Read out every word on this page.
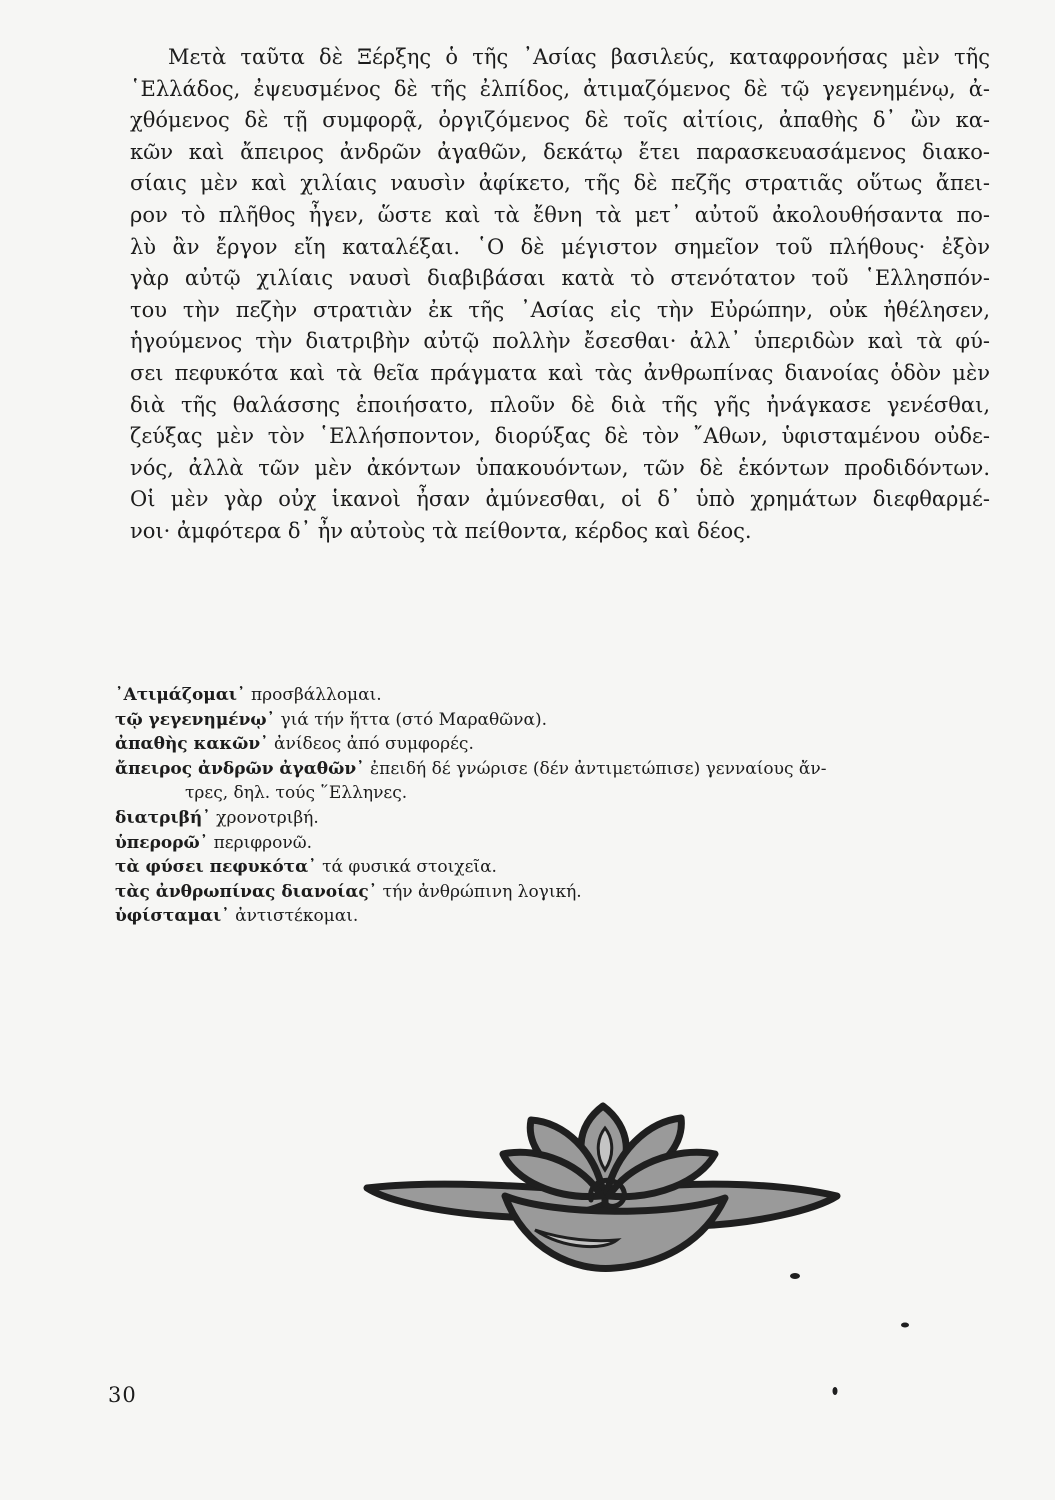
Μετὰ ταῦτα δὲ Ξέρξης ὁ τῆς ᾿Ασίας βασιλεύς, καταφρονήσας μὲν τῆς
῾Ελλάδος, ἐψευσμένος δὲ τῆς ἐλπίδος, ἀτιμαζόμενος δὲ τῷ γεγενημένῳ, ἀ-
χθόμενος δὲ τῇ συμφορᾷ, ὀργιζόμενος δὲ τοῖς αἰτίοις, ἀπαθὴς δ᾿ ὢν κα-
κῶν καὶ ἄπειρος ἀνδρῶν ἀγαθῶν, δεκάτῳ ἔτει παρασκευασάμενος διακο-
σίαις μὲν καὶ χιλίαις ναυσὶν ἀφίκετο, τῆς δὲ πεζῆς στρατιᾶς οὕτως ἄπει-
ρον τὸ πλῆθος ἦγεν, ὥστε καὶ τὰ ἔθνη τὰ μετ᾿ αὐτοῦ ἀκολουθήσαντα πο-
λὺ ἂν ἔργον εἴη καταλέξαι. ῾Ο δὲ μέγιστον σημεῖον τοῦ πλήθους· ἐξὸν
γὰρ αὐτῷ χιλίαις ναυσὶ διαβιβάσαι κατὰ τὸ στενότατον τοῦ ῾Ελλησπόν-
του τὴν πεζὴν στρατιὰν ἐκ τῆς ᾿Ασίας εἰς τὴν Εὐρώπην, οὐκ ἠθέλησεν,
ἡγούμενος τὴν διατριβὴν αὐτῷ πολλὴν ἔσεσθαι· ἀλλ᾿ ὑπεριδὼν καὶ τὰ φύ-
σει πεφυκότα καὶ τὰ θεῖα πράγματα καὶ τὰς ἀνθρωπίνας διανοίας ὁδὸν μὲν
διὰ τῆς θαλάσσης ἐποιήσατο, πλοῦν δὲ διὰ τῆς γῆς ἠνάγκασε γενέσθαι,
ζεύξας μὲν τὸν ῾Ελλήσποντον, διορύξας δὲ τὸν ῎Αθων, ὑφισταμένου οὐδε-
νός, ἀλλὰ τῶν μὲν ἀκόντων ὑπακουόντων, τῶν δὲ ἑκόντων προδιδόντων.
Οἱ μὲν γὰρ οὐχ ἱκανοὶ ἦσαν ἀμύνεσθαι, οἱ δ᾿ ὑπὸ χρημάτων διεφθαρμέ-
νοι· ἀμφότερα δ᾿ ἦν αὐτοὺς τὰ πείθοντα, κέρδος καὶ δέος.
᾿Ατιμάζομαι᾿ προσβάλλομαι.
τῷ γεγενημένῳ᾿ γιά τήν ἥττα (στό Μαραθῶνα).
ἀπαθὴς κακῶν᾿ ἀνίδεος ἀπό συμφορές.
ἄπειρος ἀνδρῶν ἀγαθῶν᾿ ἐπειδή δέ γνώρισε (δέν ἀντιμετώπισε) γενναίους ἄν-
τρες, δηλ. τούς ῞Ελληνες.
διατριβή᾿ χρονοτριβή.
ὑπερορῶ᾿ περιφρονῶ.
τὰ φύσει πεφυκότα᾿ τά φυσικά στοιχεῖα.
τὰς ἀνθρωπίνας διανοίας᾿ τήν ἀνθρώπινη λογική.
ὑφίσταμαι᾿ ἀντιστέκομαι.
30
